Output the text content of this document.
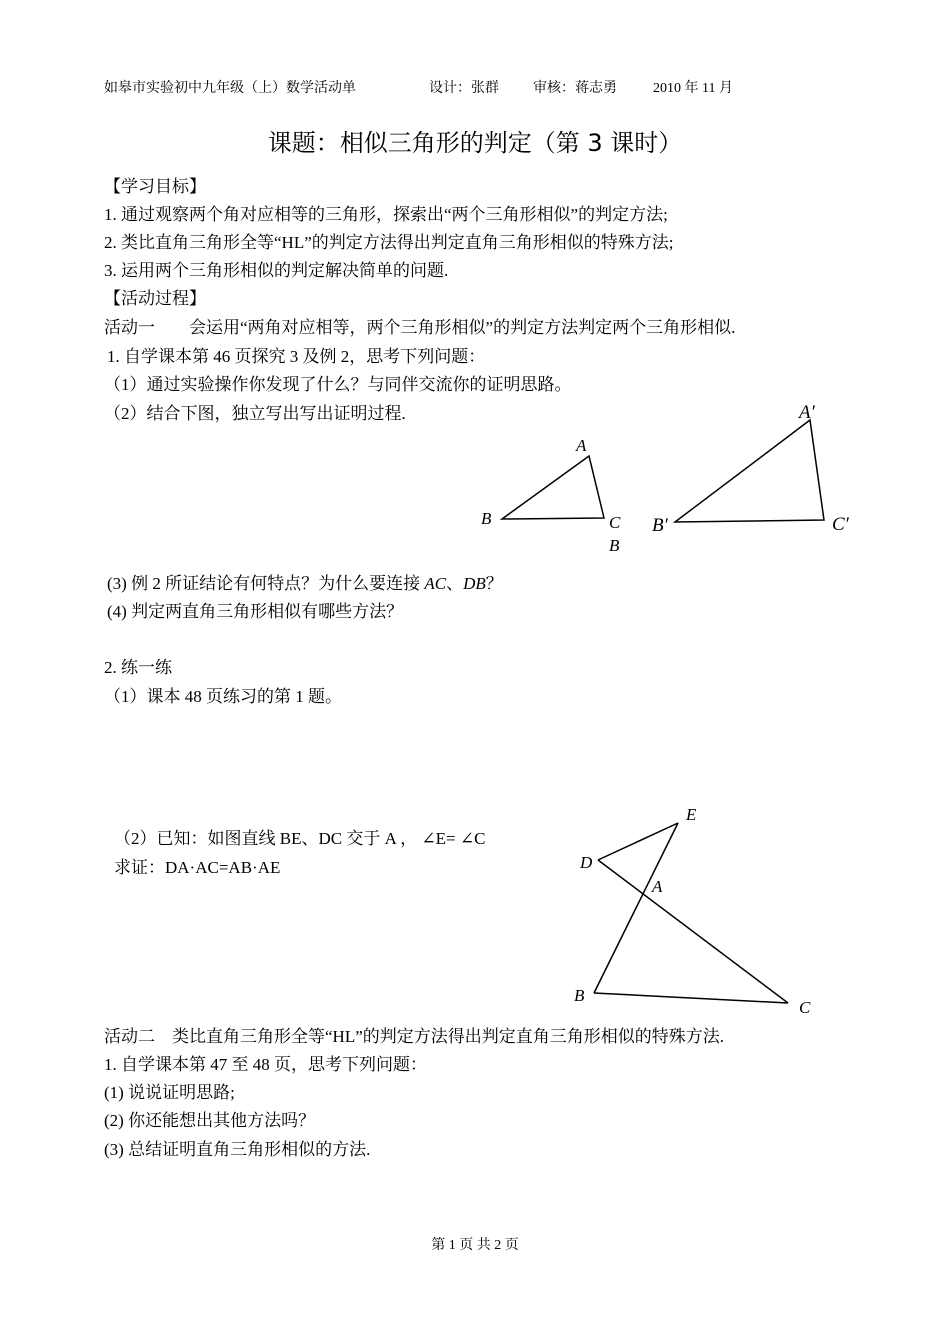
如皋市实验初中九年级（上）数学活动单	设计：张群 审核：蒋志勇	2010 年 11 月
课题：相似三角形的判定（第 3 课时）
【学习目标】
1. 通过观察两个角对应相等的三角形，探索出“两个三角形相似”的判定方法;
2. 类比直角三角形全等“HL”的判定方法得出判定直角三角形相似的特殊方法;
3. 运用两个三角形相似的判定解决简单的问题.
【活动过程】
活动一　　会运用“两角对应相等，两个三角形相似”的判定方法判定两个三角形相似.
1. 自学课本第 46 页探究 3 及例 2，思考下列问题：
（1）通过实验操作你发现了什么？与同伴交流你的证明思路。
（2）结合下图，独立写出写出证明过程.
A
B	C
B
A′
B′	C′
(3) 例 2 所证结论有何特点？为什么要连接 AC、DB？
(4) 判定两直角三角形相似有哪些方法？
2. 练一练
（1）课本 48 页练习的第 1 题。
（2）已知：如图直线 BE、DC 交于 A ， ∠E= ∠C
求证：DA·AC=AB·AE
E
D
A
B
C
活动二　类比直角三角形全等“HL”的判定方法得出判定直角三角形相似的特殊方法.
1. 自学课本第 47 至 48 页，思考下列问题：
(1) 说说证明思路;
(2) 你还能想出其他方法吗？
(3) 总结证明直角三角形相似的方法.
第 1 页 共 2 页
